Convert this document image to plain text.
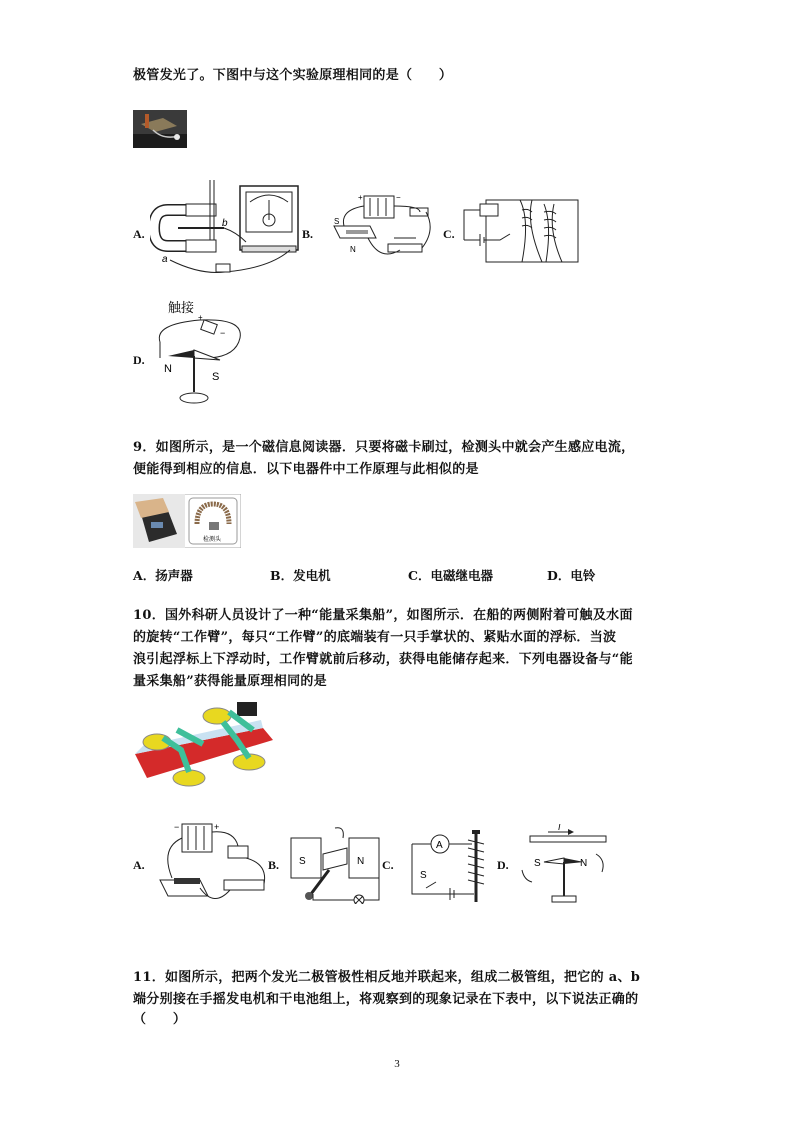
极管发光了。下图中与这个实验原理相同的是（　　）
A.
b
a
B.
+	−
S
N
C.
D.
触接
+
−
N
S
9．如图所示，是一个磁信息阅读器．只要将磁卡刷过，检测头中就会产生感应电流，
便能得到相应的信息．以下电器件中工作原理与此相似的是
检测头
A．扬声器	B．发电机	C．电磁继电器	D．电铃
10．国外科研人员设计了一种“能量采集船”，如图所示．在船的两侧附着可触及水面
的旋转“工作臂”，每只“工作臂”的底端装有一只手掌状的、紧贴水面的浮标．当波
浪引起浮标上下浮动时，工作臂就前后移动，获得电能储存起来．下列电器设备与“能
量采集船”获得能量原理相同的是
A.
−	+
B. S	N C.
A
S
D.
I
S	N
11．如图所示，把两个发光二极管极性相反地并联起来，组成二极管组，把它的 a、b
端分别接在手摇发电机和干电池组上，将观察到的现象记录在下表中，以下说法正确的
（　　）
3
